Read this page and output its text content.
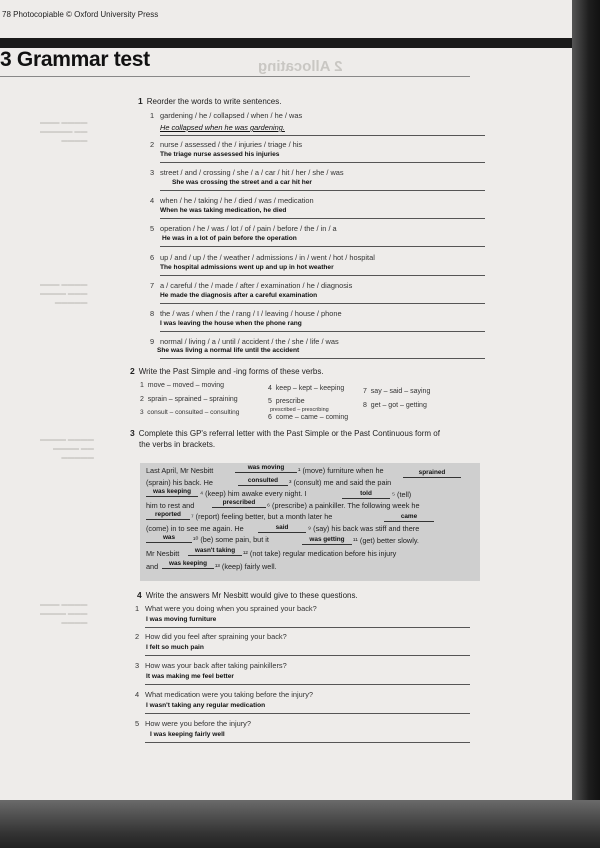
78 Photocopiable © Oxford University Press
3 Grammar test	2 Allocating
▬▬▬▬ ▬▬▬
▬▬ ▬▬▬▬▬
▬▬▬▬
▬▬▬▬ ▬▬▬
▬▬▬ ▬▬▬▬
▬▬▬▬▬
▬▬▬▬ ▬▬▬▬
▬▬ ▬▬▬▬
▬▬▬▬▬
▬▬▬▬ ▬▬▬
▬▬▬ ▬▬▬▬
▬▬▬▬
1 Reorder the words to write sentences.
1 gardening / he / collapsed / when / he / was
He collapsed when he was gardening.
2 nurse / assessed / the / injuries / triage / his
The triage nurse assessed his injuries
3 street / and / crossing / she / a / car / hit / her / she / was
She was crossing the street and a car hit her
4 when / he / taking / he / died / was / medication
When he was taking medication, he died
5 operation / he / was / lot / of / pain / before / the / in / a
He was in a lot of pain before the operation
6 up / and / up / the / weather / admissions / in / went / hot / hospital
The hospital admissions went up and up in hot weather
7 a / careful / the / made / after / examination / he / diagnosis
He made the diagnosis after a careful examination
8 the / was / when / the / rang / I / leaving / house / phone
I was leaving the house when the phone rang
9 normal / living / a / until / accident / the / she / life / was
She was living a normal life until the accident
2 Write the Past Simple and -ing forms of these verbs.
1 move – moved – moving
2 sprain – sprained – spraining
3 consult – consulted – consulting
4 keep – kept – keeping
5 prescribe
prescribed – prescribing
6 come – came – coming
7 say – said – saying
8 get – got – getting
3 Complete this GP's referral letter with the Past Simple or the Past Continuous form of
the verbs in brackets.
Last April, Mr Nesbitt	was moving	¹ (move) furniture when he	sprained
(sprain) his back. He	consulted	³ (consult) me and said the pain
was keeping	⁴ (keep) him awake every night. I	told	⁵ (tell)
him to rest and	prescribed	⁶ (prescribe) a painkiller. The following week he
reported	⁷ (report) feeling better, but a month later he	came
(come) in to see me again. He	said	⁹ (say) his back was stiff and there
was	¹⁰ (be) some pain, but it	was getting	¹¹ (get) better slowly.
Mr Nesbitt	wasn't taking	¹² (not take) regular medication before his injury
and	was keeping	¹³ (keep) fairly well.
4 Write the answers Mr Nesbitt would give to these questions.
1 What were you doing when you sprained your back?
I was moving furniture
2 How did you feel after spraining your back?
I felt so much pain
3 How was your back after taking painkillers?
It was making me feel better
4 What medication were you taking before the injury?
I wasn't taking any regular medication
5 How were you before the injury?
I was keeping fairly well
